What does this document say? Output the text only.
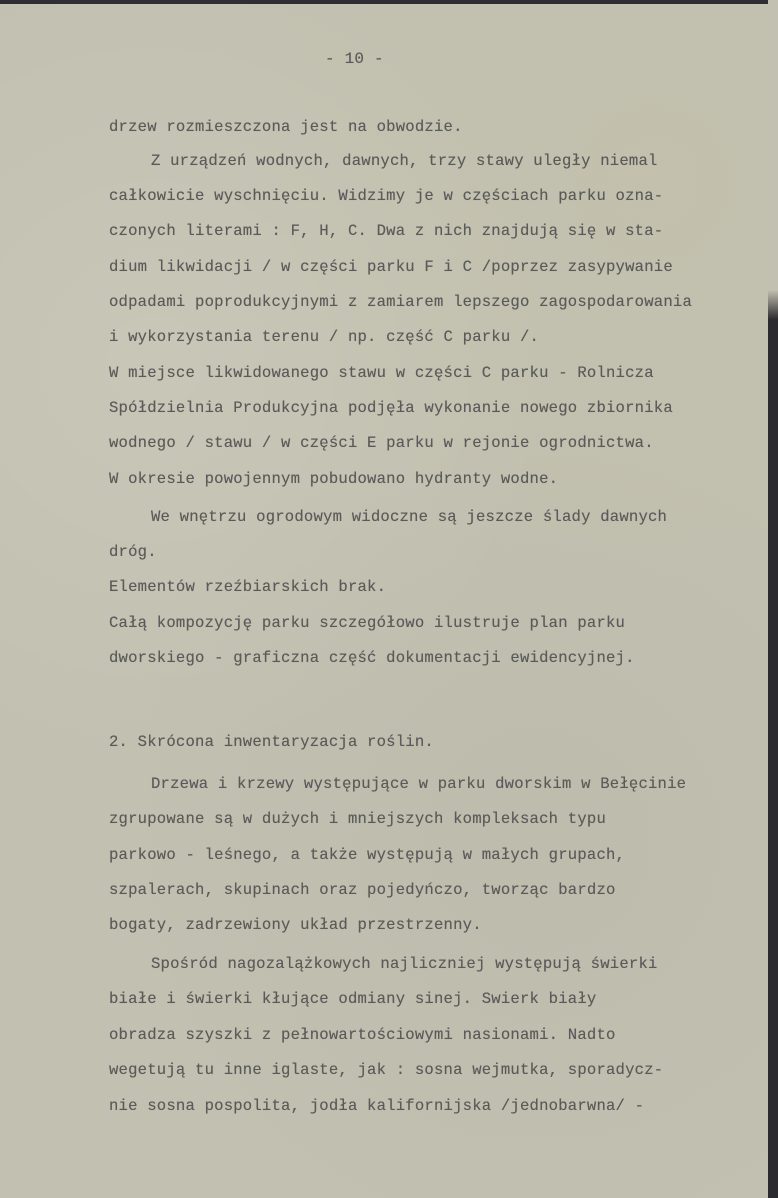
- 10 -
drzew rozmieszczona jest na obwodzie.
Z urządzeń wodnych, dawnych, trzy stawy uległy niemal
całkowicie wyschnięciu. Widzimy je w częściach parku ozna-
czonych literami : F, H, C. Dwa z nich znajdują się w sta-
dium likwidacji / w części parku F i C /poprzez zasypywanie
odpadami poprodukcyjnymi z zamiarem lepszego zagospodarowania
i wykorzystania terenu / np. część C parku /.
W miejsce likwidowanego stawu w części C parku - Rolnicza
Spółdzielnia Produkcyjna podjęła wykonanie nowego zbiornika
wodnego / stawu / w części E parku w rejonie ogrodnictwa.
W okresie powojennym pobudowano hydranty wodne.
We wnętrzu ogrodowym widoczne są jeszcze ślady dawnych
dróg.
Elementów rzeźbiarskich brak.
Całą kompozycję parku szczegółowo ilustruje plan parku
dworskiego - graficzna część dokumentacji ewidencyjnej.
2. Skrócona inwentaryzacja roślin.
Drzewa i krzewy występujące w parku dworskim w Bełęcinie
zgrupowane są w dużych i mniejszych kompleksach typu
parkowo - leśnego, a także występują w małych grupach,
szpalerach, skupinach oraz pojedyńczo, tworząc bardzo
bogaty, zadrzewiony układ przestrzenny.
Spośród nagozalążkowych najliczniej występują świerki
białe i świerki kłujące odmiany sinej. Swierk biały
obradza szyszki z pełnowartościowymi nasionami. Nadto
wegetują tu inne iglaste, jak : sosna wejmutka, sporadycz-
nie sosna pospolita, jodła kalifornijska /jednobarwna/ -
